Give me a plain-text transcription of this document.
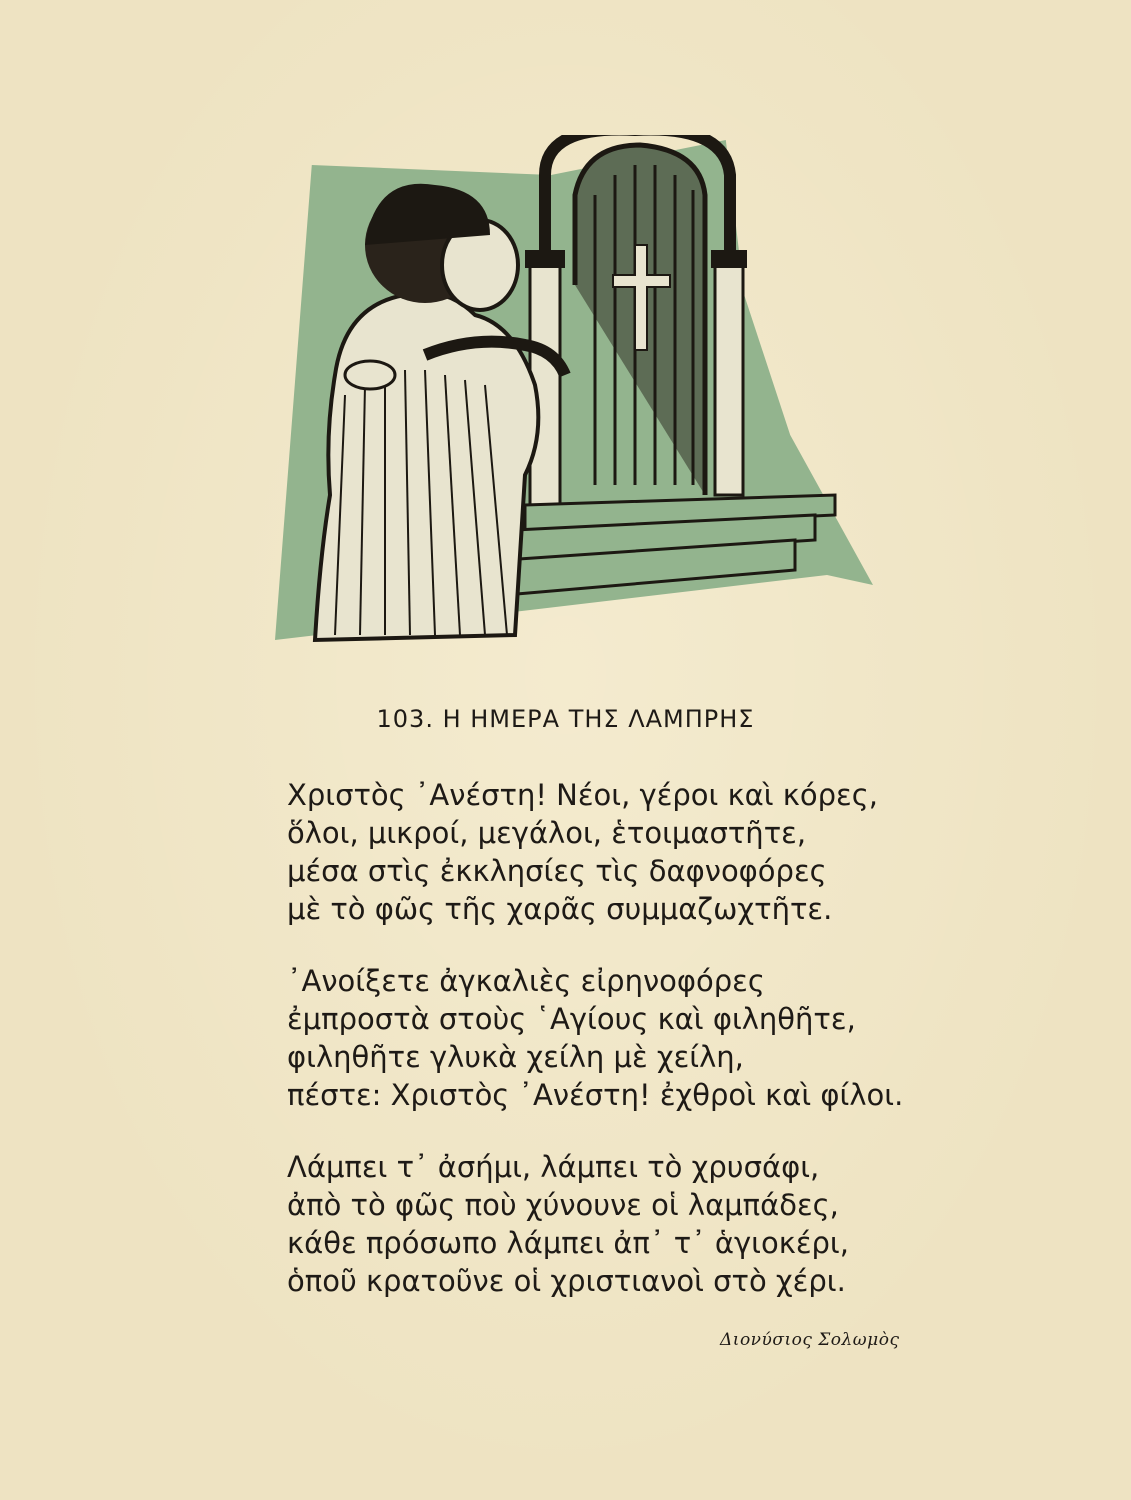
103. Η ΗΜΕΡΑ ΤΗΣ ΛΑΜΠΡΗΣ
Χριστὸς ᾿Ανέστη! Νέοι, γέροι καὶ κόρες,
ὅλοι, μικροί, μεγάλοι, ἑτοιμαστῆτε,
μέσα στὶς ἐκκλησίες τὶς δαφνοφόρες
μὲ τὸ φῶς τῆς χαρᾶς συμμαζωχτῆτε.
᾿Ανοίξετε ἀγκαλιὲς εἰρηνοφόρες
ἐμπροστὰ στοὺς ῾Αγίους καὶ φιληθῆτε,
φιληθῆτε γλυκὰ χείλη μὲ χείλη,
πέστε: Χριστὸς ᾿Ανέστη! ἐχθροὶ καὶ φίλοι.
Λάμπει τ᾿ ἀσήμι, λάμπει τὸ χρυσάφι,
ἀπὸ τὸ φῶς ποὺ χύνουνε οἱ λαμπάδες,
κάθε πρόσωπο λάμπει ἀπ᾿ τ᾿ ἁγιοκέρι,
ὁποῦ κρατοῦνε οἱ χριστιανοὶ στὸ χέρι.
Διονύσιος Σολωμὸς
